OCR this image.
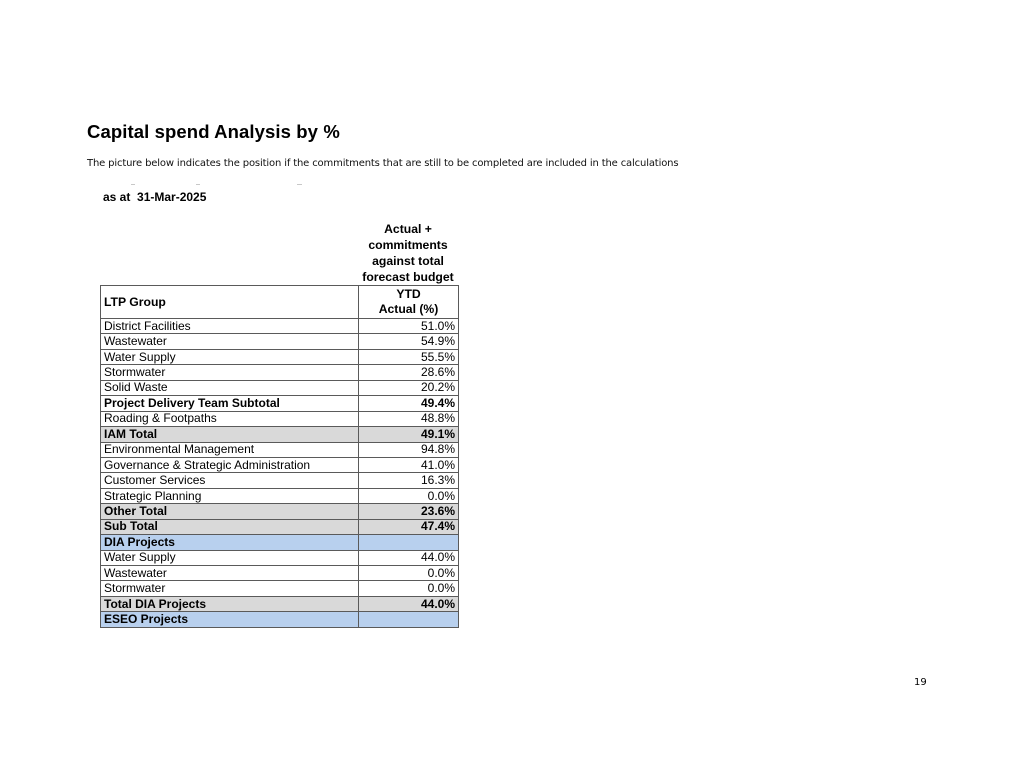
Capital spend Analysis by %

The picture below indicates the position if the commitments that are still to be completed are included in the calculations

as at  31-Mar-2025
Actual +
commitments
against total
forecast budget
LTP Group	YTD
Actual (%)

District Facilities	51.0%
Wastewater	54.9%
Water Supply	55.5%
Stormwater	28.6%
Solid Waste	20.2%
Project Delivery Team Subtotal	49.4%
Roading & Footpaths	48.8%
IAM Total	49.1%
Environmental Management	94.8%
Governance & Strategic Administration	41.0%
Customer Services	16.3%
Strategic Planning	0.0%
Other Total	23.6%
Sub Total	47.4%
DIA Projects	
Water Supply	44.0%
Wastewater	0.0%
Stormwater	0.0%
Total DIA Projects	44.0%
ESEO Projects	
19
